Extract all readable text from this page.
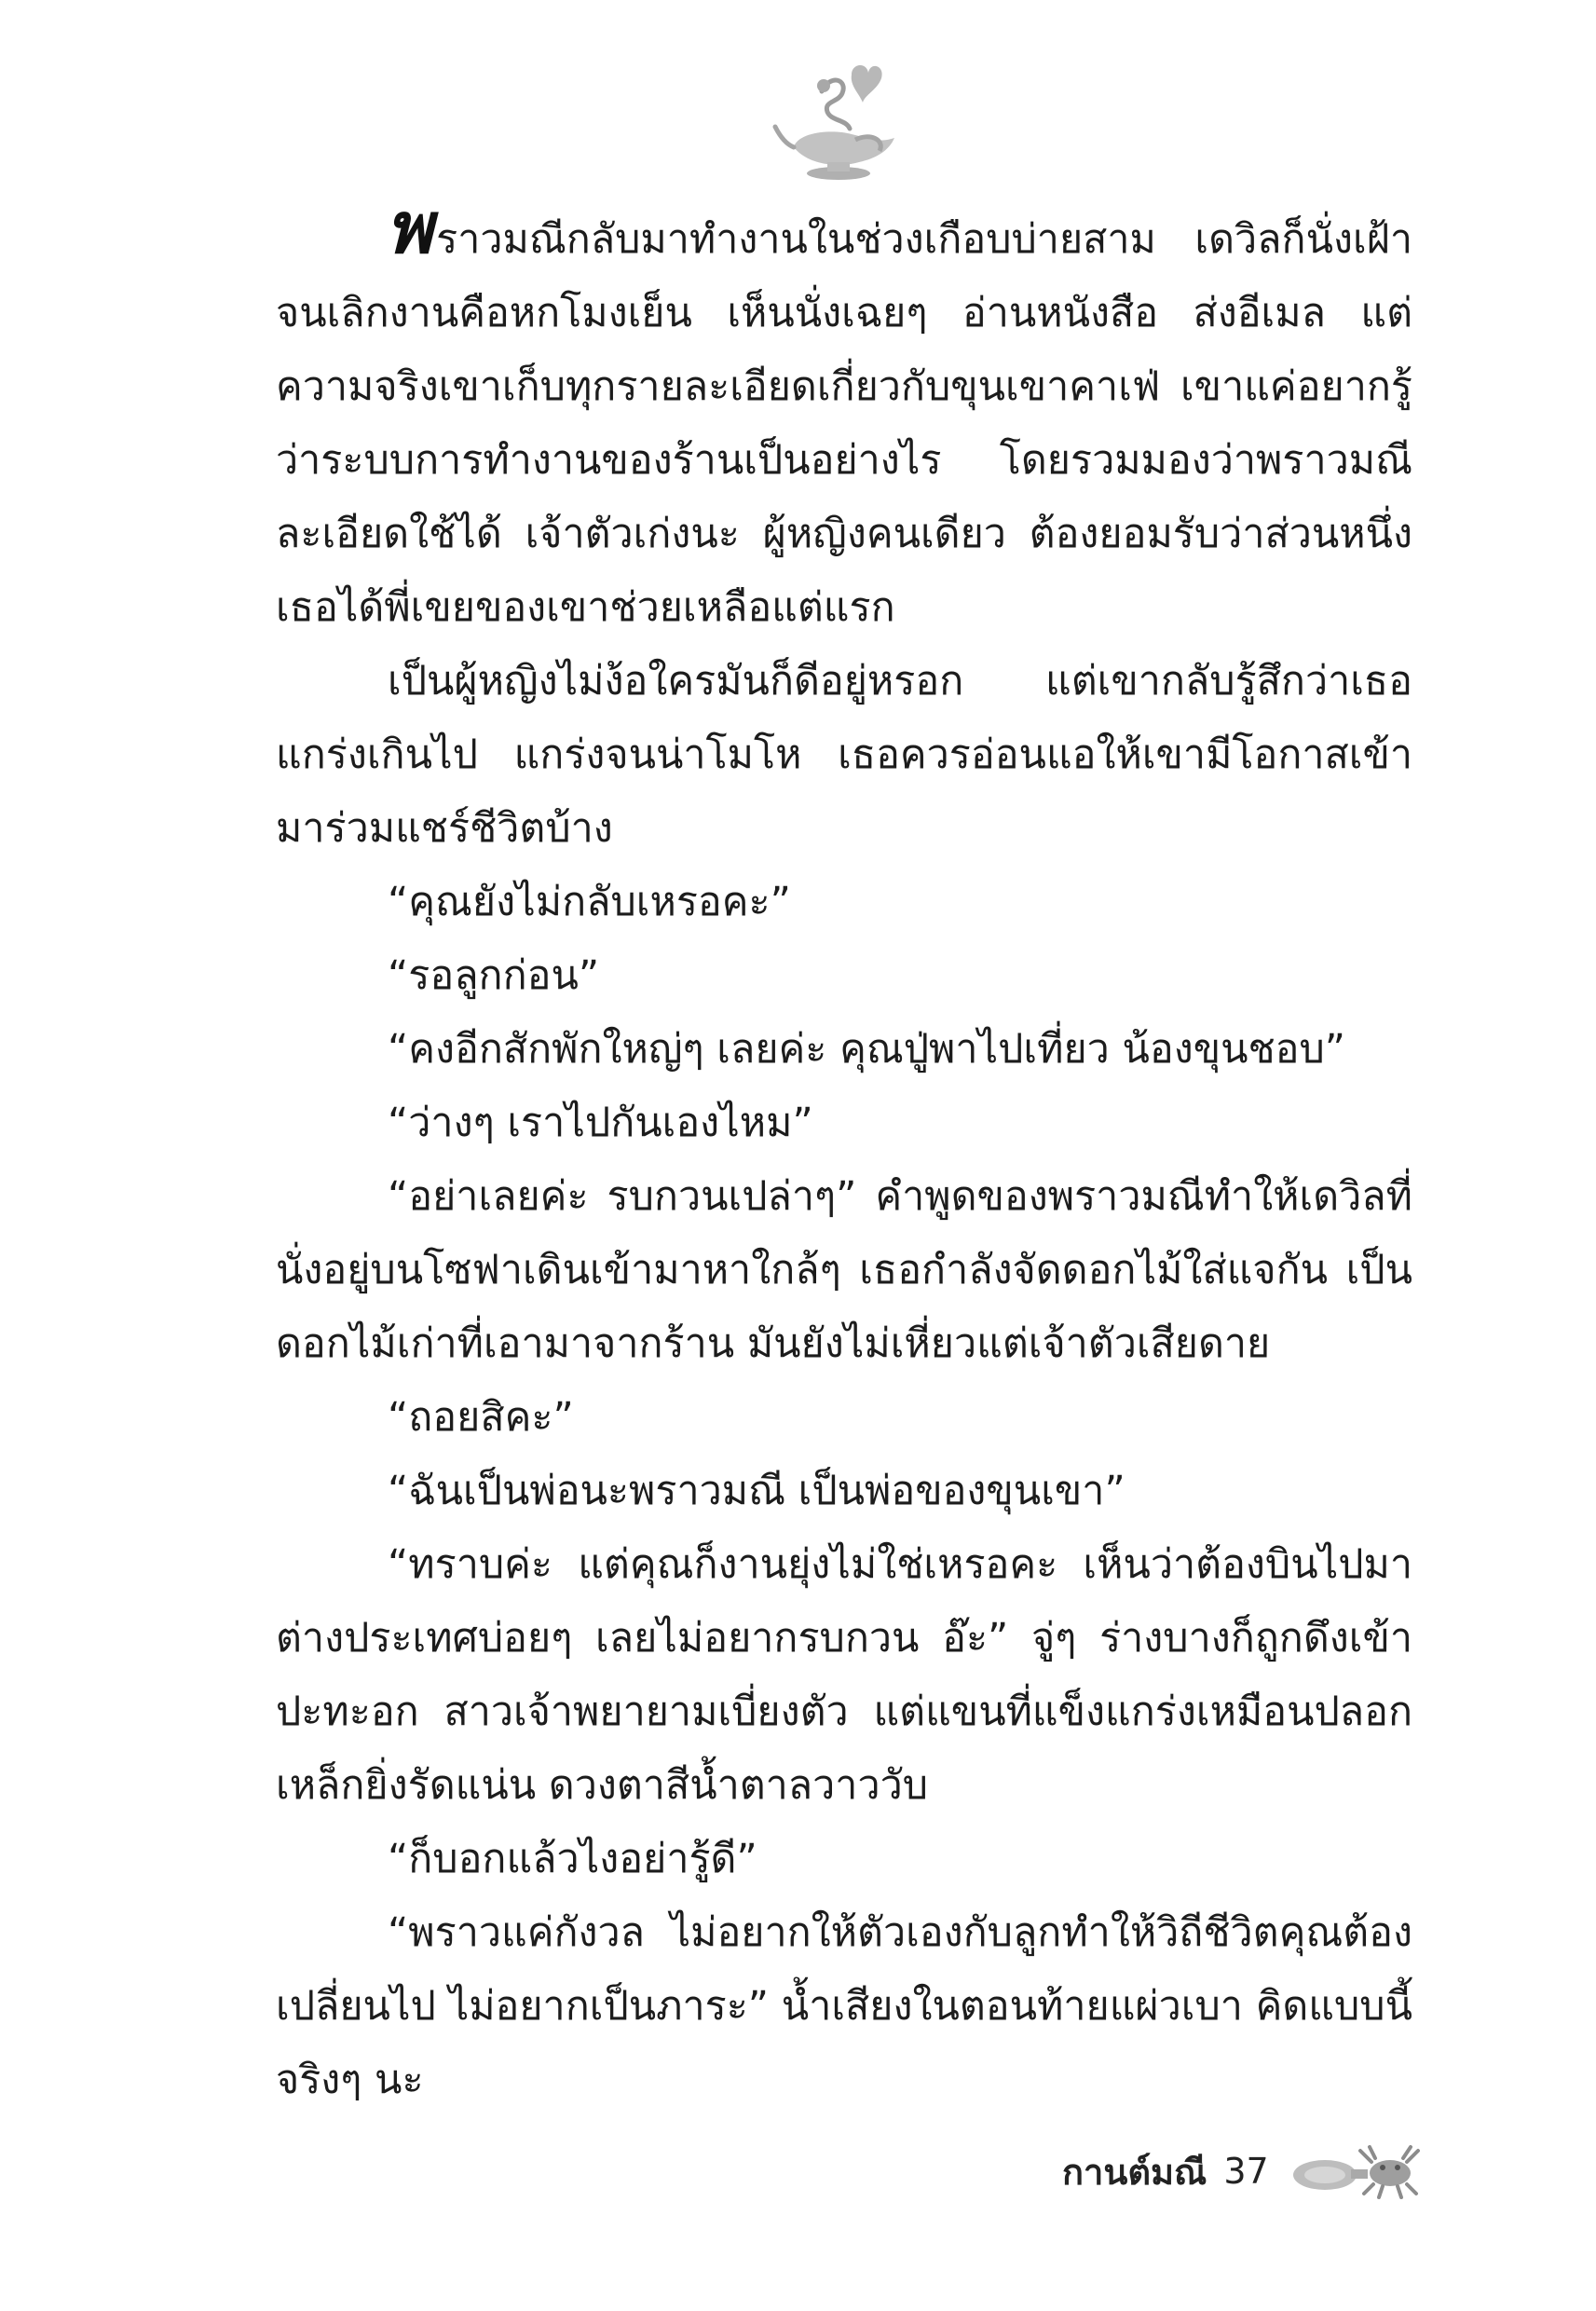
พราวมณีกลับมาทำงานในช่วงเกือบบ่ายสาม เดวิลก็นั่งเฝ้าจนเลิกงานคือหกโมงเย็น เห็นนั่งเฉยๆ อ่านหนังสือ ส่งอีเมล แต่ความจริงเขาเก็บทุกรายละเอียดเกี่ยวกับขุนเขาคาเฟ่ เขาแค่อยากรู้ว่าระบบการทำงานของร้านเป็นอย่างไร โดยรวมมองว่าพราวมณีละเอียดใช้ได้ เจ้าตัวเก่งนะ ผู้หญิงคนเดียว ต้องยอมรับว่าส่วนหนึ่งเธอได้พี่เขยของเขาช่วยเหลือแต่แรก

เป็นผู้หญิงไม่ง้อใครมันก็ดีอยู่หรอก แต่เขากลับรู้สึกว่าเธอแกร่งเกินไป แกร่งจนน่าโมโห เธอควรอ่อนแอให้เขามีโอกาสเข้ามาร่วมแชร์ชีวิตบ้าง

“คุณยังไม่กลับเหรอคะ”

“รอลูกก่อน”

“คงอีกสักพักใหญ่ๆ เลยค่ะ คุณปู่พาไปเที่ยว น้องขุนชอบ”

“ว่างๆ เราไปกันเองไหม”

“อย่าเลยค่ะ รบกวนเปล่าๆ” คำพูดของพราวมณีทำให้เดวิลที่นั่งอยู่บนโซฟาเดินเข้ามาหาใกล้ๆ เธอกำลังจัดดอกไม้ใส่แจกัน เป็นดอกไม้เก่าที่เอามาจากร้าน มันยังไม่เหี่ยวแต่เจ้าตัวเสียดาย

“ถอยสิคะ”

“ฉันเป็นพ่อนะพราวมณี เป็นพ่อของขุนเขา”

“ทราบค่ะ แต่คุณก็งานยุ่งไม่ใช่เหรอคะ เห็นว่าต้องบินไปมาต่างประเทศบ่อยๆ เลยไม่อยากรบกวน อ๊ะ” จู่ๆ ร่างบางก็ถูกดึงเข้าปะทะอก สาวเจ้าพยายามเบี่ยงตัว แต่แขนที่แข็งแกร่งเหมือนปลอกเหล็กยิ่งรัดแน่น ดวงตาสีน้ำตาลวาววับ

“ก็บอกแล้วไงอย่ารู้ดี”

“พราวแค่กังวล ไม่อยากให้ตัวเองกับลูกทำให้วิถีชีวิตคุณต้องเปลี่ยนไป ไม่อยากเป็นภาระ” น้ำเสียงในตอนท้ายแผ่วเบา คิดแบบนี้จริงๆ นะ

กานต์มณี 37
